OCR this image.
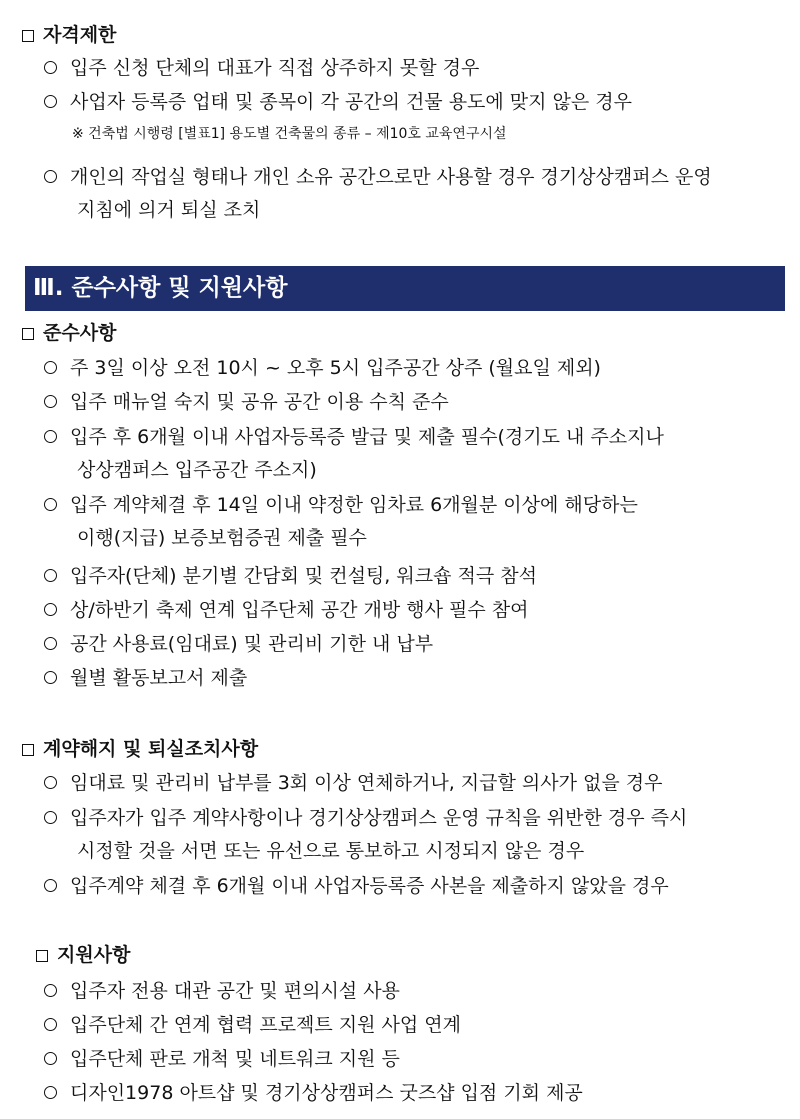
자격제한
입주 신청 단체의 대표가 직접 상주하지 못할 경우
사업자 등록증 업태 및 종목이 각 공간의 건물 용도에 맞지 않은 경우
※ 건축법 시행령 [별표1] 용도별 건축물의 종류 – 제10호 교육연구시설
개인의 작업실 형태나 개인 소유 공간으로만 사용할 경우 경기상상캠퍼스 운영
지침에 의거 퇴실 조치
Ⅲ. 준수사항 및 지원사항
준수사항
주 3일 이상 오전 10시 ~ 오후 5시 입주공간 상주 (월요일 제외)
입주 매뉴얼 숙지 및 공유 공간 이용 수칙 준수
입주 후 6개월 이내 사업자등록증 발급 및 제출 필수(경기도 내 주소지나
상상캠퍼스 입주공간 주소지)
입주 계약체결 후 14일 이내 약정한 임차료 6개월분 이상에 해당하는
이행(지급) 보증보험증권 제출 필수
입주자(단체) 분기별 간담회 및 컨설팅, 워크숍 적극 참석
상/하반기 축제 연계 입주단체 공간 개방 행사 필수 참여
공간 사용료(임대료) 및 관리비 기한 내 납부
월별 활동보고서 제출
계약해지 및 퇴실조치사항
임대료 및 관리비 납부를 3회 이상 연체하거나, 지급할 의사가 없을 경우
입주자가 입주 계약사항이나 경기상상캠퍼스 운영 규칙을 위반한 경우 즉시
시정할 것을 서면 또는 유선으로 통보하고 시정되지 않은 경우
입주계약 체결 후 6개월 이내 사업자등록증 사본을 제출하지 않았을 경우
지원사항
입주자 전용 대관 공간 및 편의시설 사용
입주단체 간 연계 협력 프로젝트 지원 사업 연계
입주단체 판로 개척 및 네트워크 지원 등
디자인1978 아트샵 및 경기상상캠퍼스 굿즈샵 입점 기회 제공
